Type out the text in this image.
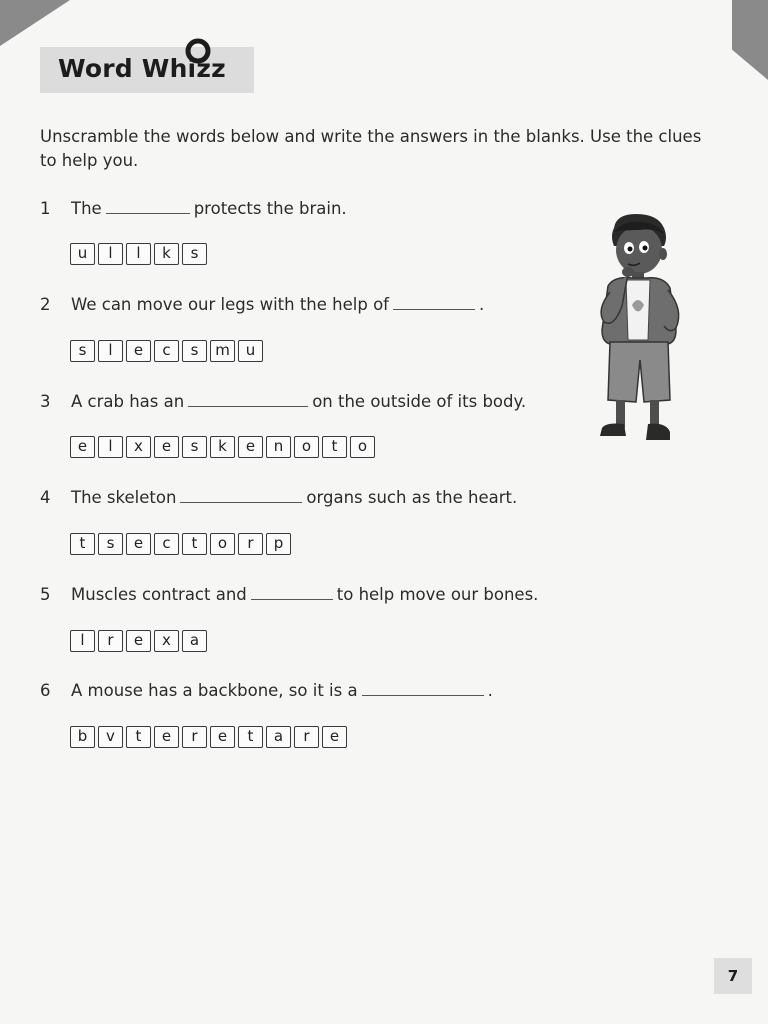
Word Whizz
Unscramble the words below and write the answers in the blanks. Use the clues to help you.
1 The	protects the brain.
u	l	l	k	s
2 We can move our legs with the help of	.
s	l	e	c	s	m	u
3 A crab has an	on the outside of its body.
e	l	x	e	s	k	e	n	o	t	o
4 The skeleton	organs such as the heart.
t	s	e	c	t	o	r	p
5 Muscles contract and	to help move our bones.
l	r	e	x	a
6 A mouse has a backbone, so it is a	.
b	v	t	e	r	e	t	a	r	e
7
